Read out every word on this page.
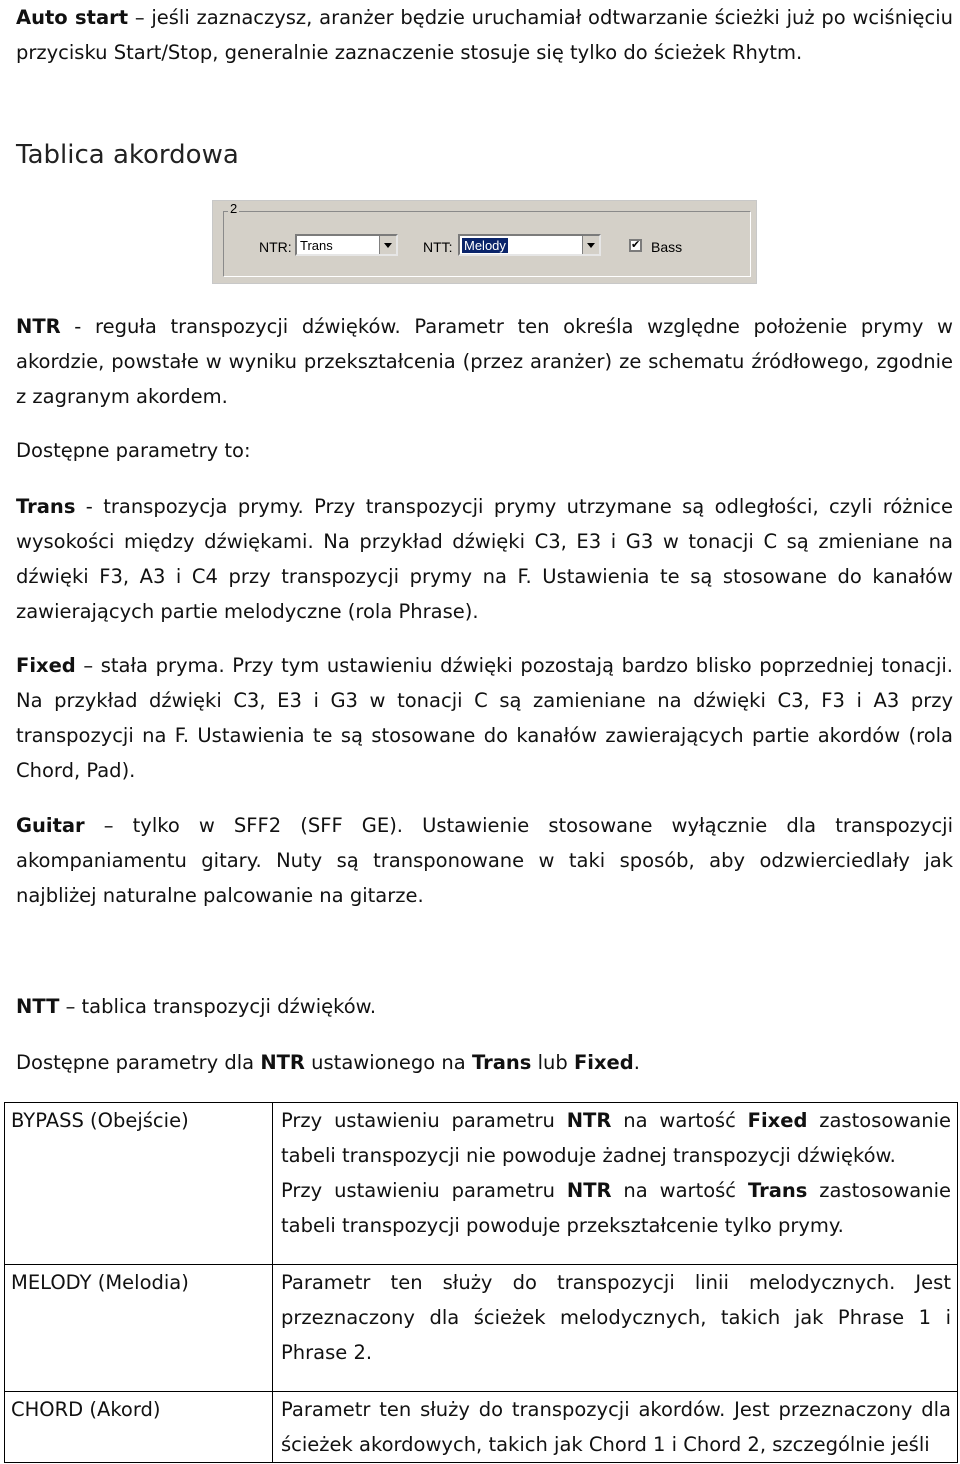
Auto start – jeśli zaznaczysz, aranżer będzie uruchamiał odtwarzanie ścieżki już po wciśnięciu przycisku Start/Stop, generalnie zaznaczenie stosuje się tylko do ścieżek Rhytm.

Tablica akordowa
2
NTR: Trans	NTT: Melody	✔ Bass

NTR - reguła transpozycji dźwięków. Parametr ten określa względne położenie prymy w akordzie, powstałe w wyniku przekształcenia (przez aranżer) ze schematu źródłowego, zgodnie z zagranym akordem.

Dostępne parametry to:

Trans - transpozycja prymy. Przy transpozycji prymy utrzymane są odległości, czyli różnice wysokości między dźwiękami. Na przykład dźwięki C3, E3 i G3 w tonacji C są zmieniane na dźwięki F3, A3 i C4 przy transpozycji prymy na F. Ustawienia te są stosowane do kanałów zawierających partie melodyczne (rola Phrase).

Fixed – stała pryma. Przy tym ustawieniu dźwięki pozostają bardzo blisko poprzedniej tonacji. Na przykład dźwięki C3, E3 i G3 w tonacji C są zamieniane na dźwięki C3, F3 i A3 przy transpozycji na F. Ustawienia te są stosowane do kanałów zawierających partie akordów (rola Chord, Pad).

Guitar – tylko w SFF2 (SFF GE). Ustawienie stosowane wyłącznie dla transpozycji akompaniamentu gitary. Nuty są transponowane w taki sposób, aby odzwierciedlały jak najbliżej naturalne palcowanie na gitarze.

NTT – tablica transpozycji dźwięków.

Dostępne parametry dla NTR ustawionego na Trans lub Fixed.

BYPASS (Obejście)	Przy ustawieniu parametru NTR na wartość Fixed zastosowanie tabeli transpozycji nie powoduje żadnej transpozycji dźwięków.

Przy ustawieniu parametru NTR na wartość Trans zastosowanie tabeli transpozycji powoduje przekształcenie tylko prymy.

MELODY (Melodia)	Parametr ten służy do transpozycji linii melodycznych. Jest przeznaczony dla ścieżek melodycznych, takich jak Phrase 1 i Phrase 2.

CHORD (Akord)	Parametr ten służy do transpozycji akordów. Jest przeznaczony dla ścieżek akordowych, takich jak Chord 1 i Chord 2, szczególnie jeśli
